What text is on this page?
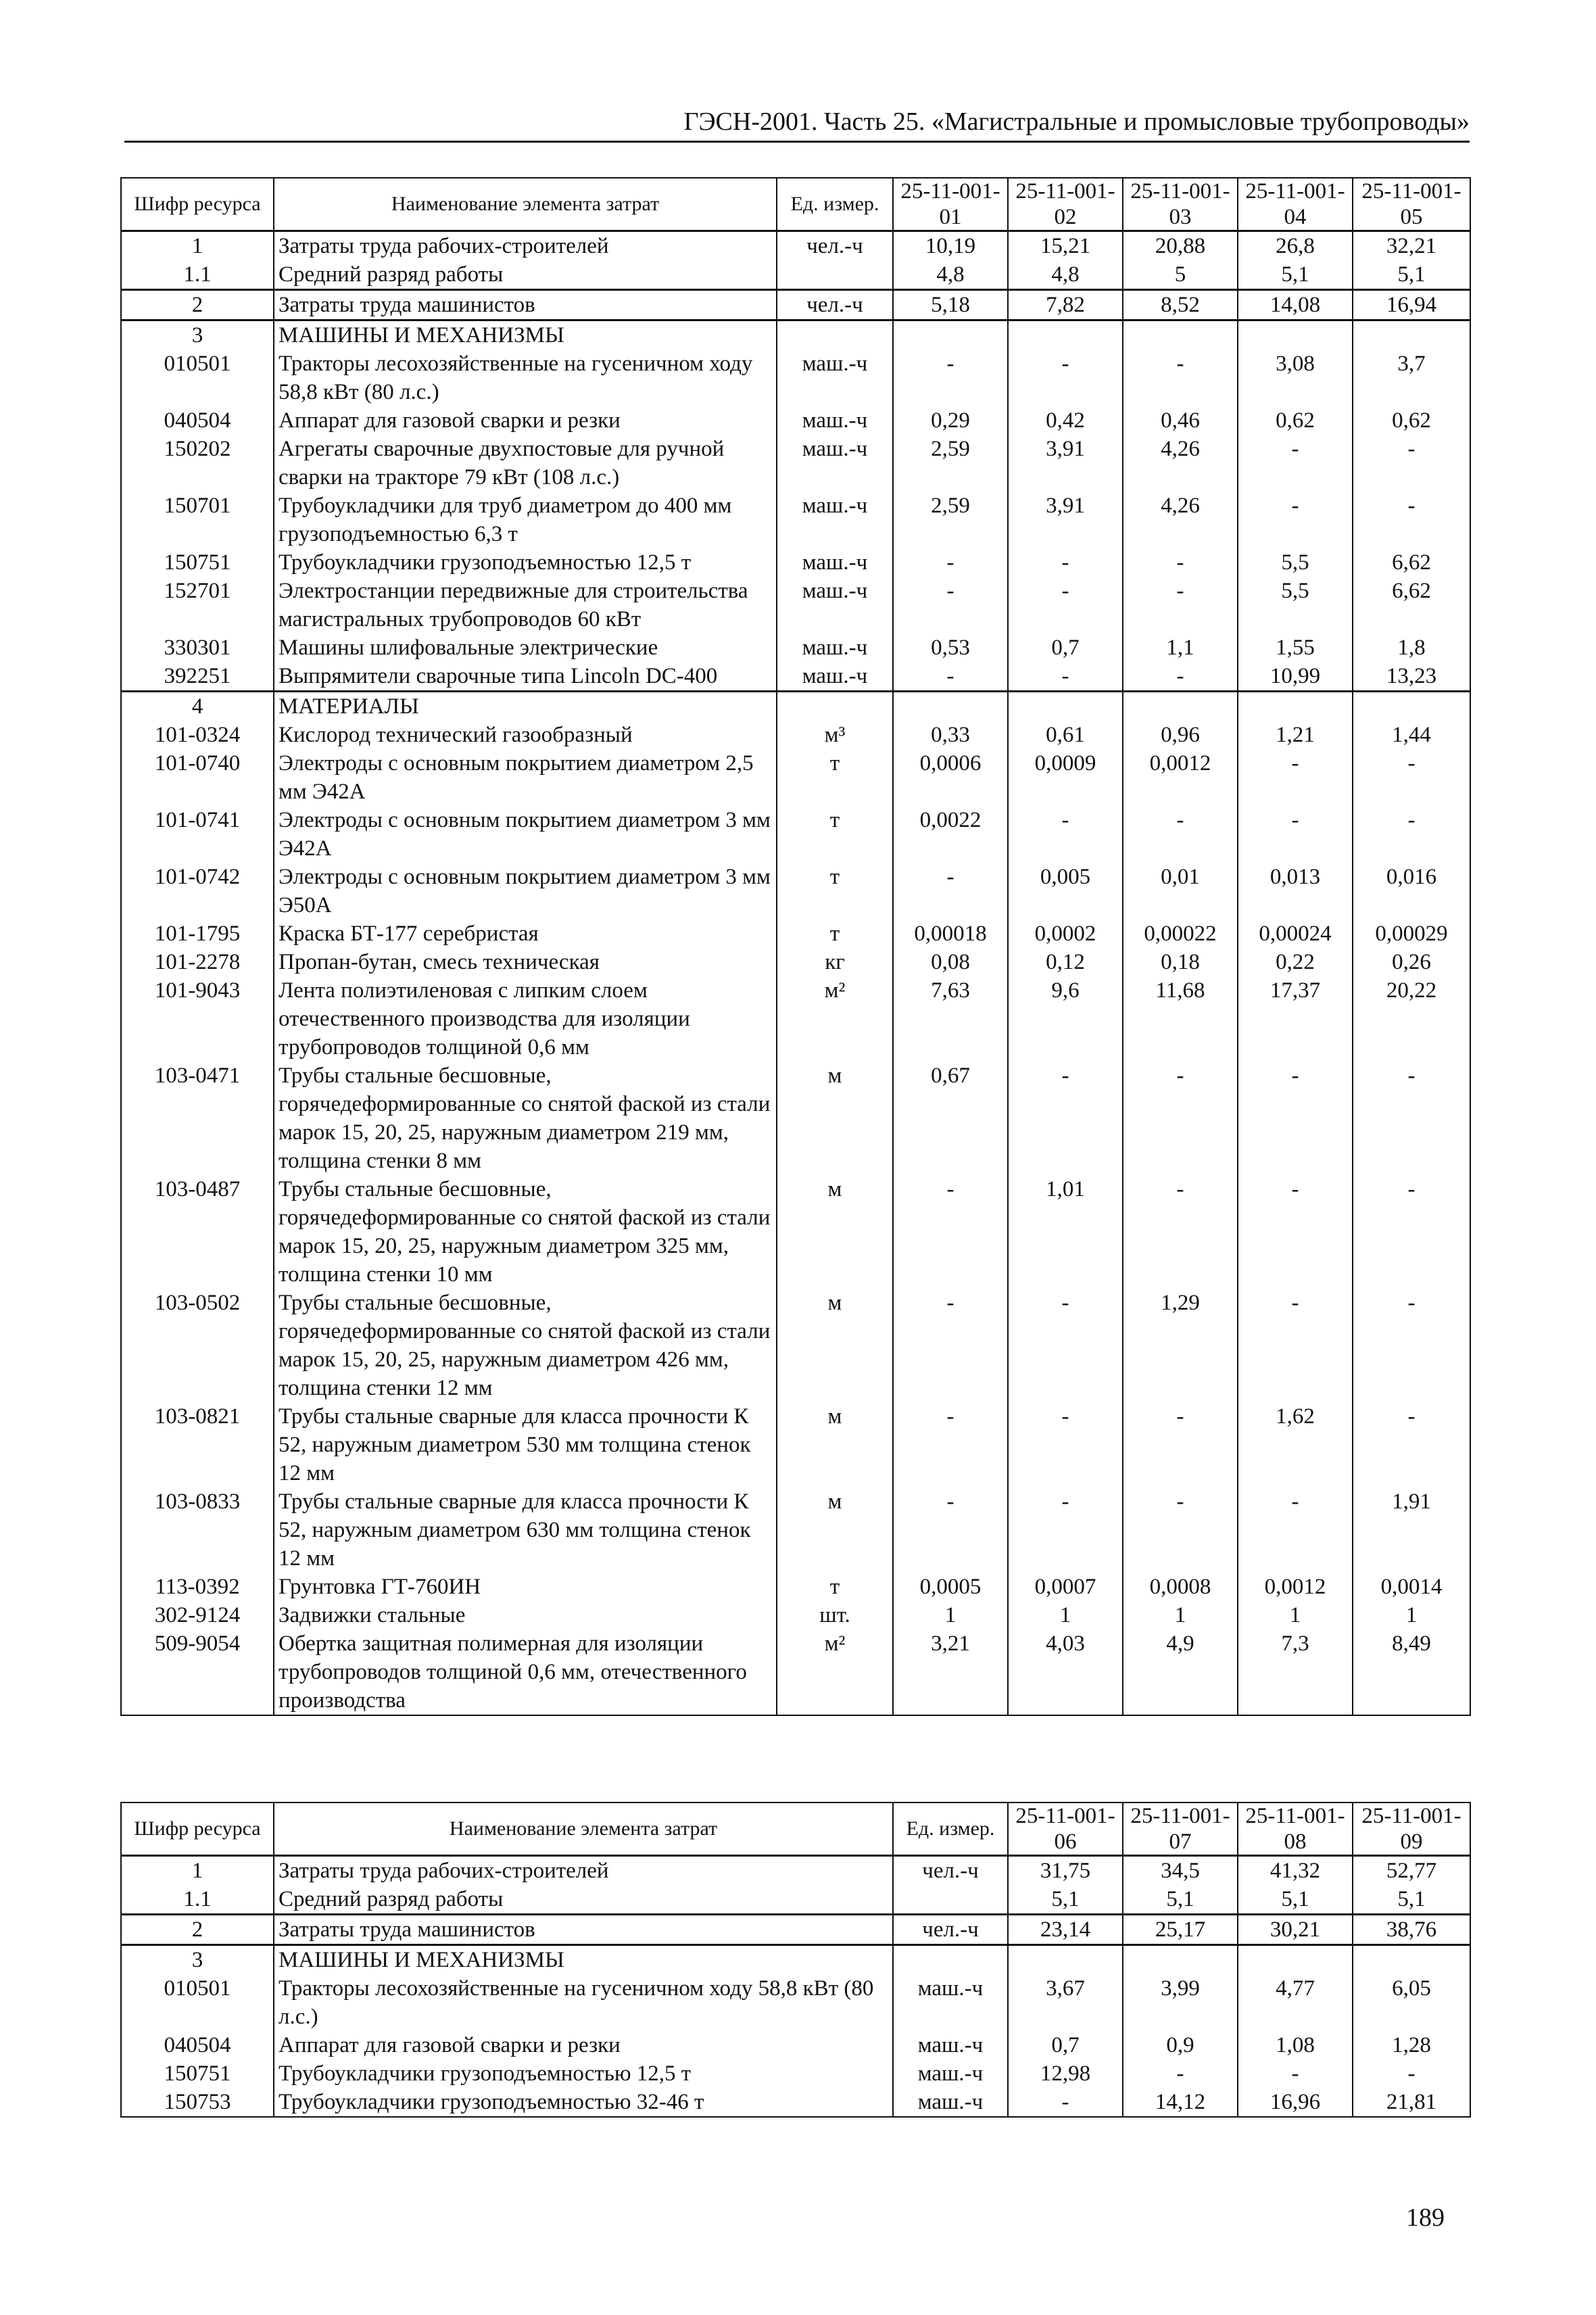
ГЭСН-2001. Часть 25. «Магистральные и промысловые трубопроводы»
Шифр ресурса	Наименование элемента затрат	Ед. измер.	25-11-001-01	25-11-001-02	25-11-001-03	25-11-001-04	25-11-001-05
1	Затраты труда рабочих-строителей	чел.-ч	10,19	15,21	20,88	26,8	32,21
1.1	Средний разряд работы		4,8	4,8	5	5,1	5,1
2	Затраты труда машинистов	чел.-ч	5,18	7,82	8,52	14,08	16,94
3	МАШИНЫ И МЕХАНИЗМЫ						
010501	Тракторы лесохозяйственные на гусеничном ходу 58,8 кВт (80 л.с.)	маш.-ч	-	-	-	3,08	3,7
040504	Аппарат для газовой сварки и резки	маш.-ч	0,29	0,42	0,46	0,62	0,62
150202	Агрегаты сварочные двухпостовые для ручной сварки на тракторе 79 кВт (108 л.с.)	маш.-ч	2,59	3,91	4,26	-	-
150701	Трубоукладчики для труб диаметром до 400 мм грузоподъемностью 6,3 т	маш.-ч	2,59	3,91	4,26	-	-
150751	Трубоукладчики грузоподъемностью 12,5 т	маш.-ч	-	-	-	5,5	6,62
152701	Электростанции передвижные для строительства магистральных трубопроводов 60 кВт	маш.-ч	-	-	-	5,5	6,62
330301	Машины шлифовальные электрические	маш.-ч	0,53	0,7	1,1	1,55	1,8
392251	Выпрямители сварочные типа Lincoln DC-400	маш.-ч	-	-	-	10,99	13,23
4	МАТЕРИАЛЫ						
101-0324	Кислород технический газообразный	м³	0,33	0,61	0,96	1,21	1,44
101-0740	Электроды с основным покрытием диаметром 2,5 мм Э42А	т	0,0006	0,0009	0,0012	-	-
101-0741	Электроды с основным покрытием диаметром 3 мм Э42А	т	0,0022	-	-	-	-
101-0742	Электроды с основным покрытием диаметром 3 мм Э50А	т	-	0,005	0,01	0,013	0,016
101-1795	Краска БТ-177 серебристая	т	0,00018	0,0002	0,00022	0,00024	0,00029
101-2278	Пропан-бутан, смесь техническая	кг	0,08	0,12	0,18	0,22	0,26
101-9043	Лента полиэтиленовая с липким слоем отечественного производства для изоляции трубопроводов толщиной 0,6 мм	м²	7,63	9,6	11,68	17,37	20,22
103-0471	Трубы стальные бесшовные, горячедеформированные со снятой фаской из стали марок 15, 20, 25, наружным диаметром 219 мм, толщина стенки 8 мм	м	0,67	-	-	-	-
103-0487	Трубы стальные бесшовные, горячедеформированные со снятой фаской из стали марок 15, 20, 25, наружным диаметром 325 мм, толщина стенки 10 мм	м	-	1,01	-	-	-
103-0502	Трубы стальные бесшовные, горячедеформированные со снятой фаской из стали марок 15, 20, 25, наружным диаметром 426 мм, толщина стенки 12 мм	м	-	-	1,29	-	-
103-0821	Трубы стальные сварные для класса прочности К 52, наружным диаметром 530 мм толщина стенок 12 мм	м	-	-	-	1,62	-
103-0833	Трубы стальные сварные для класса прочности К 52, наружным диаметром 630 мм толщина стенок 12 мм	м	-	-	-	-	1,91
113-0392	Грунтовка ГТ-760ИН	т	0,0005	0,0007	0,0008	0,0012	0,0014
302-9124	Задвижки стальные	шт.	1	1	1	1	1
509-9054	Обертка защитная полимерная для изоляции трубопроводов толщиной 0,6 мм, отечественного производства	м²	3,21	4,03	4,9	7,3	8,49
Шифр ресурса	Наименование элемента затрат	Ед. измер.	25-11-001-06	25-11-001-07	25-11-001-08	25-11-001-09
1	Затраты труда рабочих-строителей	чел.-ч	31,75	34,5	41,32	52,77
1.1	Средний разряд работы		5,1	5,1	5,1	5,1
2	Затраты труда машинистов	чел.-ч	23,14	25,17	30,21	38,76
3	МАШИНЫ И МЕХАНИЗМЫ					
010501	Тракторы лесохозяйственные на гусеничном ходу 58,8 кВт (80 л.с.)	маш.-ч	3,67	3,99	4,77	6,05
040504	Аппарат для газовой сварки и резки	маш.-ч	0,7	0,9	1,08	1,28
150751	Трубоукладчики грузоподъемностью 12,5 т	маш.-ч	12,98	-	-	-
150753	Трубоукладчики грузоподъемностью 32-46 т	маш.-ч	-	14,12	16,96	21,81
189
